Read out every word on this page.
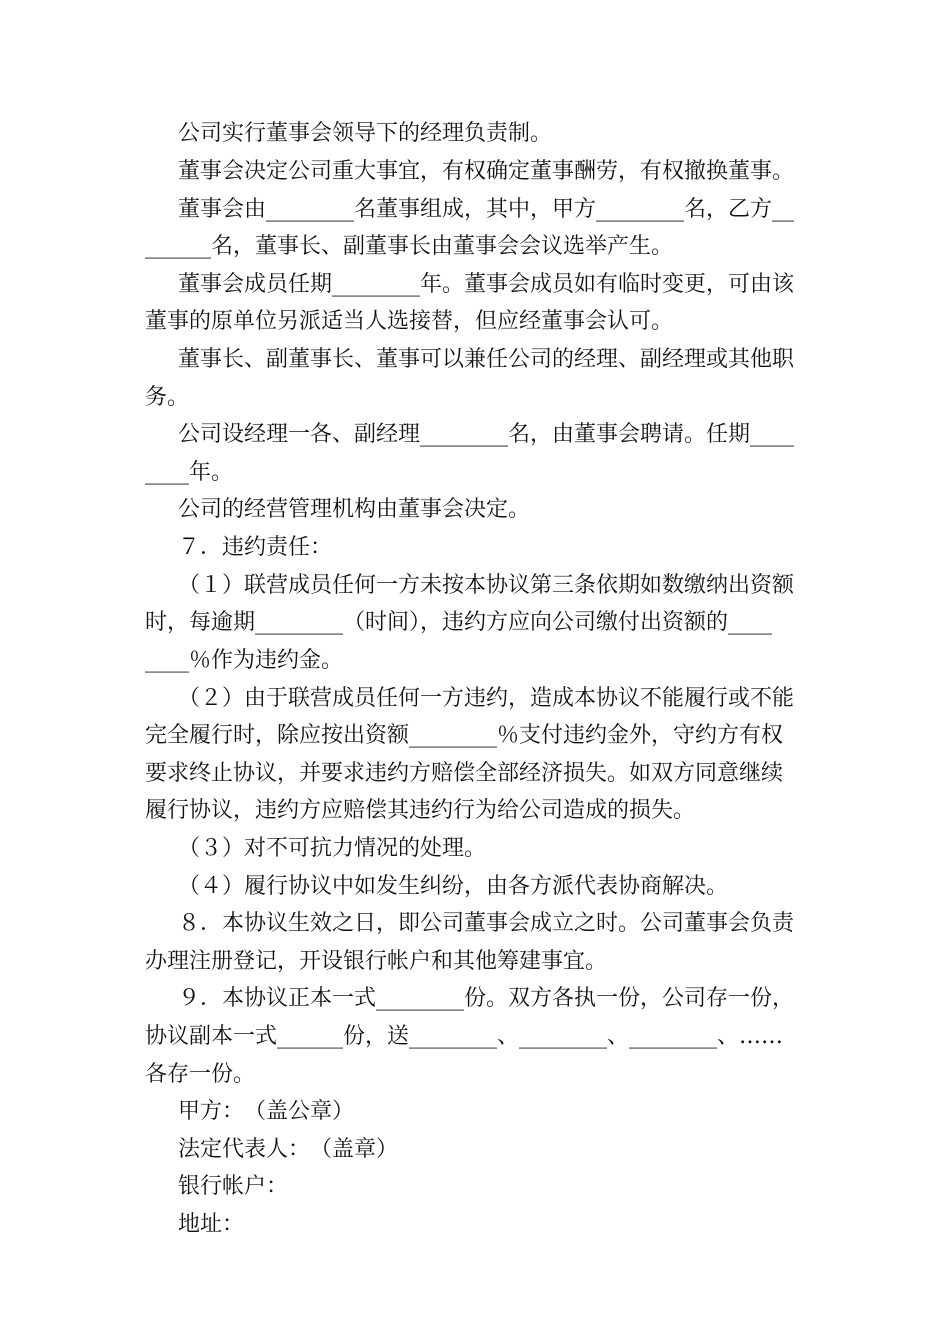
公司实行董事会领导下的经理负责制。
董事会决定公司重大事宜，有权确定董事酬劳，有权撤换董事。
董事会由________名董事组成，其中，甲方________名，乙方__
______名，董事长、副董事长由董事会会议选举产生。
董事会成员任期________年。董事会成员如有临时变更，可由该
董事的原单位另派适当人选接替，但应经董事会认可。
董事长、副董事长、董事可以兼任公司的经理、副经理或其他职
务。
公司设经理一各、副经理________名，由董事会聘请。任期____
____年。
公司的经营管理机构由董事会决定。
７．违约责任：
（１）联营成员任何一方未按本协议第三条依期如数缴纳出资额
时，每逾期________（时间），违约方应向公司缴付出资额的____
____％作为违约金。
（２）由于联营成员任何一方违约，造成本协议不能履行或不能
完全履行时，除应按出资额________％支付违约金外，守约方有权
要求终止协议，并要求违约方赔偿全部经济损失。如双方同意继续
履行协议，违约方应赔偿其违约行为给公司造成的损失。
（３）对不可抗力情况的处理。
（４）履行协议中如发生纠纷，由各方派代表协商解决。
８．本协议生效之日，即公司董事会成立之时。公司董事会负责
办理注册登记，开设银行帐户和其他筹建事宜。
９．本协议正本一式________份。双方各执一份，公司存一份，
协议副本一式______份，送________、________、________、……
各存一份。
甲方：　（盖公章）
法定代表人：　（盖章）
银行帐户：
地址：
